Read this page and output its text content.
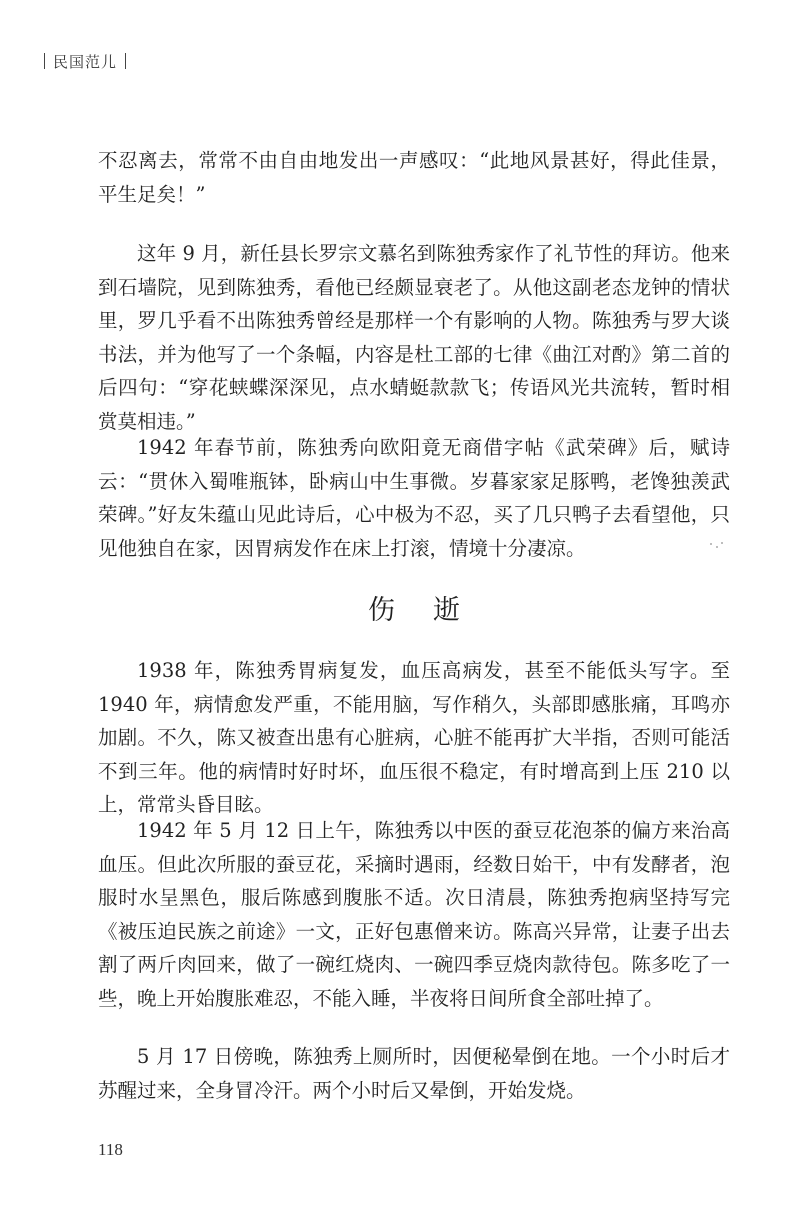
民国范儿

不忍离去，常常不由自由地发出一声感叹：“此地风景甚好，得此佳景，平生足矣！”

这年 9 月，新任县长罗宗文慕名到陈独秀家作了礼节性的拜访。他来到石墙院，见到陈独秀，看他已经颇显衰老了。从他这副老态龙钟的情状里，罗几乎看不出陈独秀曾经是那样一个有影响的人物。陈独秀与罗大谈书法，并为他写了一个条幅，内容是杜工部的七律《曲江对酌》第二首的后四句：“穿花蛱蝶深深见，点水蜻蜓款款飞；传语风光共流转，暂时相赏莫相违。”

1942 年春节前，陈独秀向欧阳竟无商借字帖《武荣碑》后，赋诗云：“贯休入蜀唯瓶钵，卧病山中生事微。岁暮家家足豚鸭，老馋独羡武荣碑。”好友朱蕴山见此诗后，心中极为不忍，买了几只鸭子去看望他，只见他独自在家，因胃病发作在床上打滚，情境十分凄凉。

伤逝

1938 年，陈独秀胃病复发，血压高病发，甚至不能低头写字。至 1940 年，病情愈发严重，不能用脑，写作稍久，头部即感胀痛，耳鸣亦加剧。不久，陈又被查出患有心脏病，心脏不能再扩大半指，否则可能活不到三年。他的病情时好时坏，血压很不稳定，有时增高到上压 210 以上，常常头昏目眩。

1942 年 5 月 12 日上午，陈独秀以中医的蚕豆花泡茶的偏方来治高血压。但此次所服的蚕豆花，采摘时遇雨，经数日始干，中有发酵者，泡服时水呈黑色，服后陈感到腹胀不适。次日清晨，陈独秀抱病坚持写完《被压迫民族之前途》一文，正好包惠僧来访。陈高兴异常，让妻子出去割了两斤肉回来，做了一碗红烧肉、一碗四季豆烧肉款待包。陈多吃了一些，晚上开始腹胀难忍，不能入睡，半夜将日间所食全部吐掉了。

5 月 17 日傍晚，陈独秀上厕所时，因便秘晕倒在地。一个小时后才苏醒过来，全身冒冷汗。两个小时后又晕倒，开始发烧。

118
